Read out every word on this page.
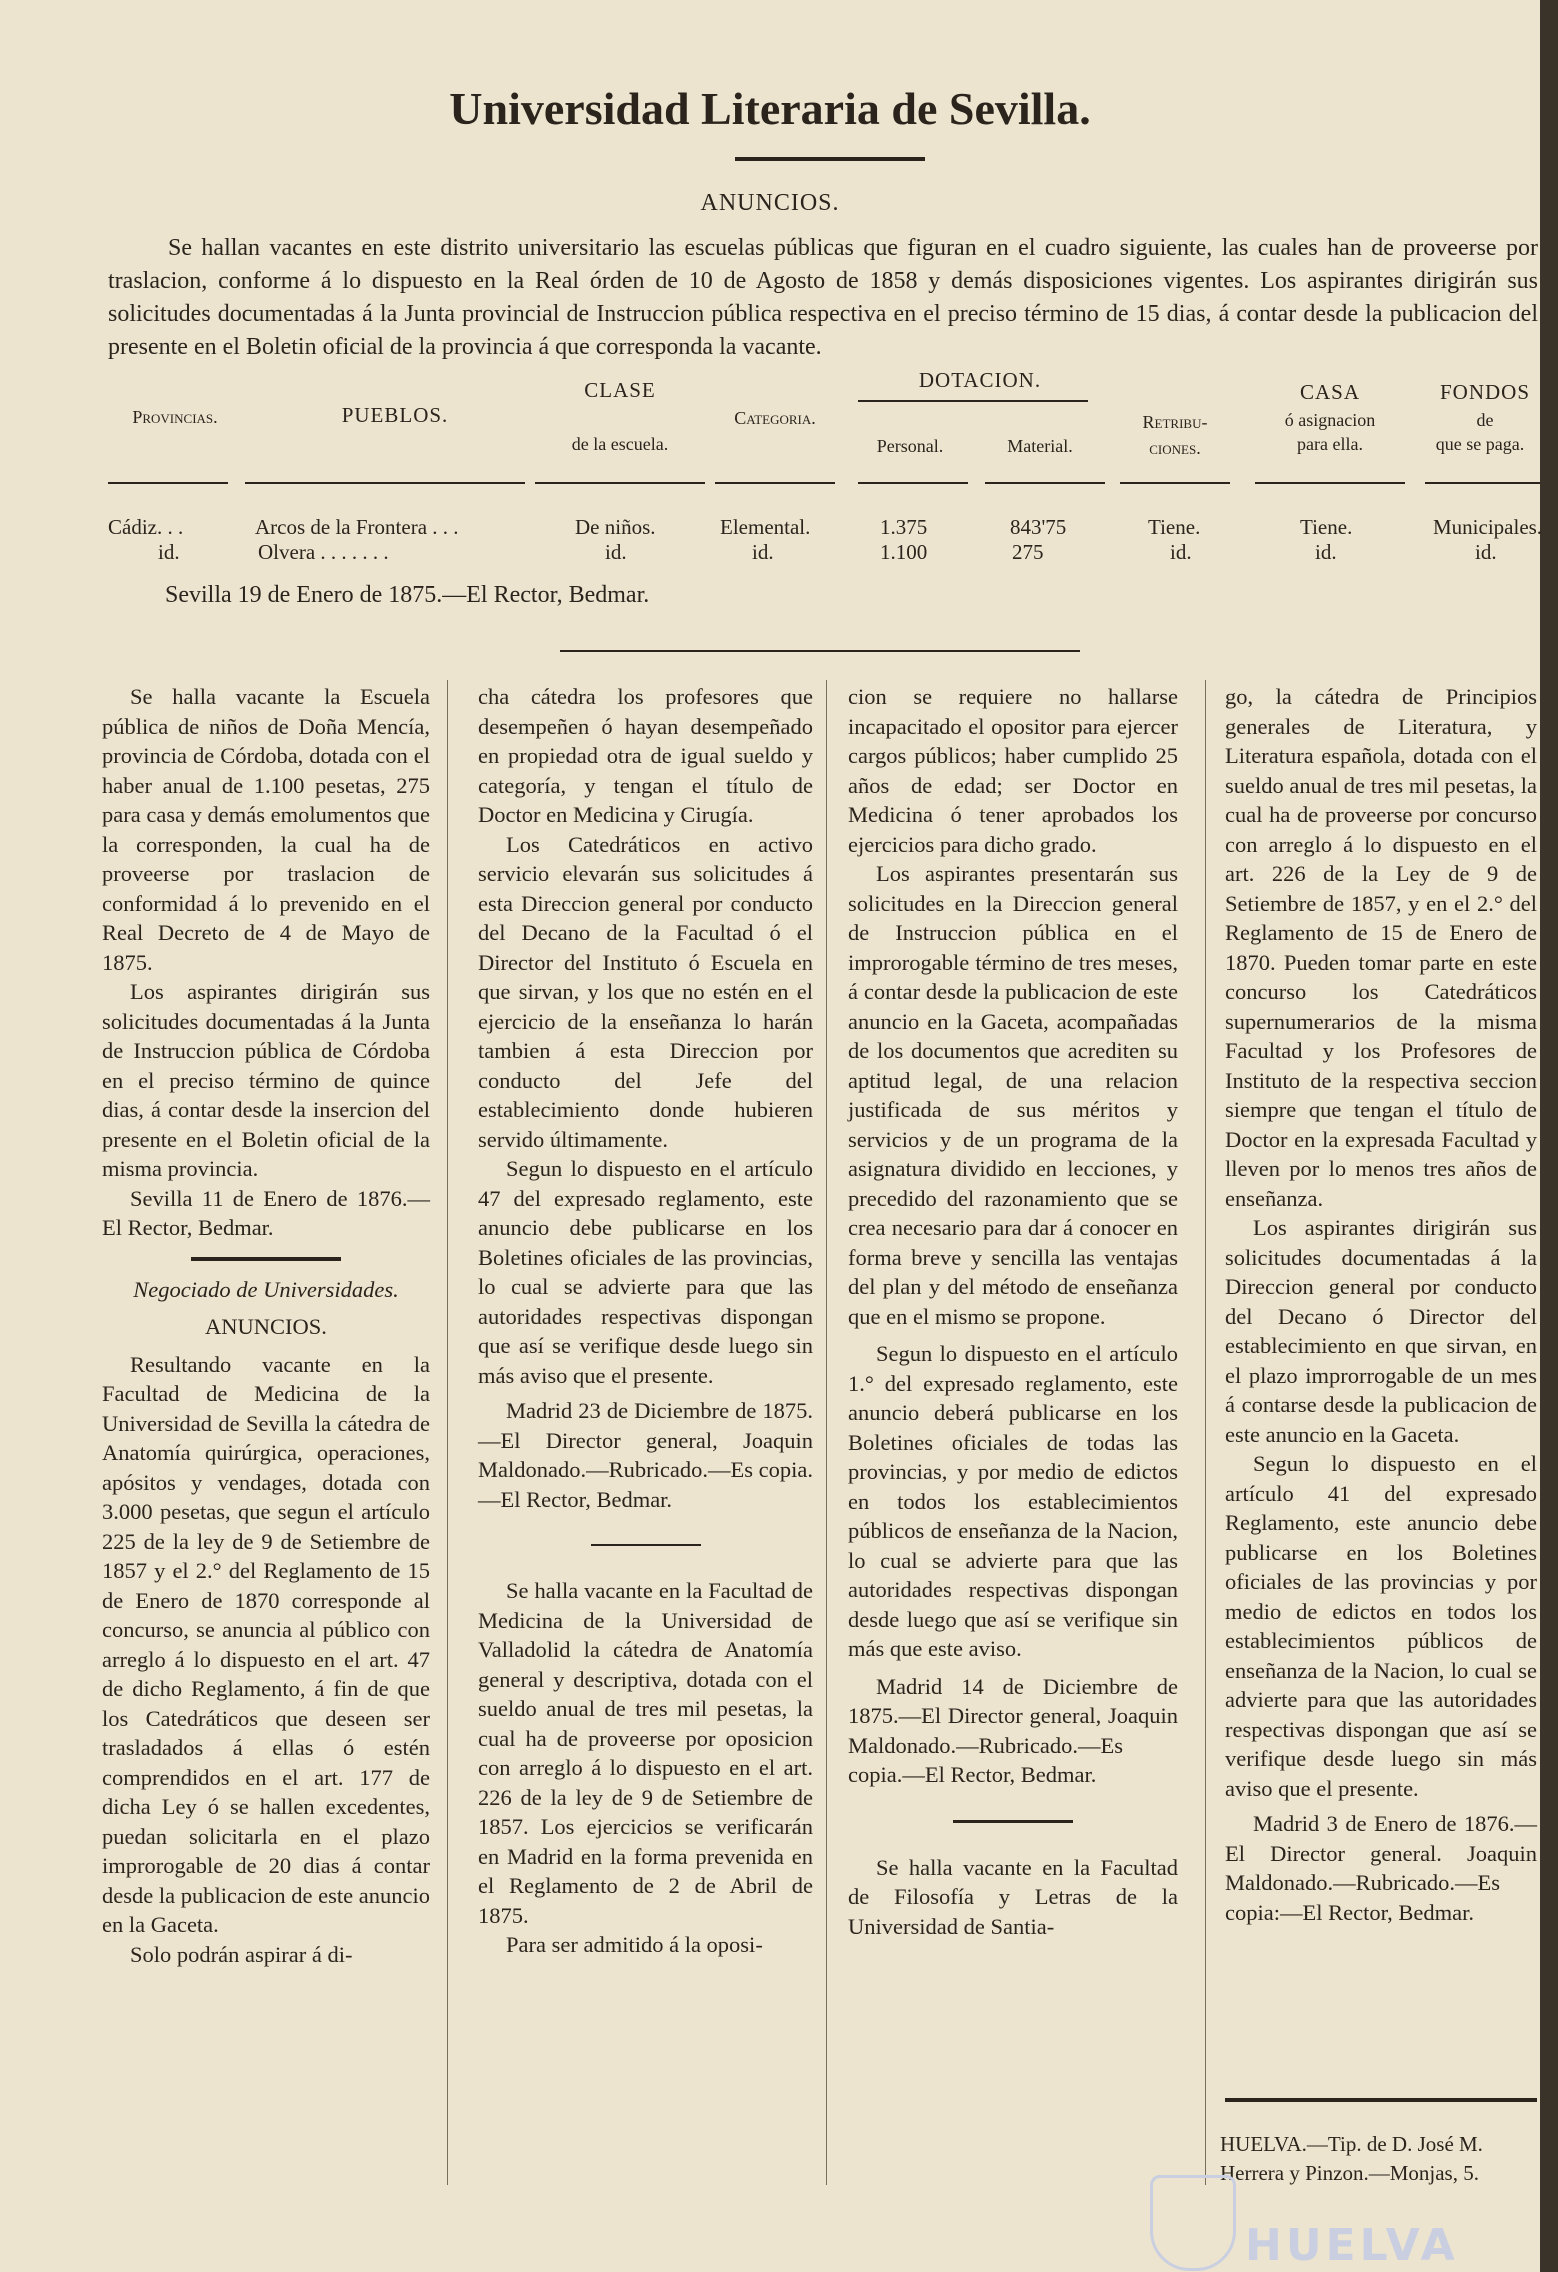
Universidad Literaria de Sevilla.
ANUNCIOS.
Se hallan vacantes en este distrito universitario las escuelas públicas que figuran en el cuadro siguiente, las cuales han de proveerse por traslacion, conforme á lo dispuesto en la Real órden de 10 de Agosto de 1858 y demás disposiciones vigentes. Los aspirantes dirigirán sus solicitudes documentadas á la Junta provincial de Instruccion pública respectiva en el preciso término de 15 dias, á contar desde la publicacion del presente en el Boletin oficial de la provincia á que corresponda la vacante.
Provincias.	PUEBLOS.
CLASE
de la escuela.
Categoria.
DOTACION.
Personal.	Material.
Retribu-
ciones.
CASA
ó asignacion
para ella.
FONDOS
de
que se paga.
Cádiz. . .	Arcos de la Frontera . . .	De niños.	Elemental.	1.375	843'75	Tiene.	Tiene.	Municipales.
id.	Olvera . . . . . . .	id.	id.	1.100	275	id.	id.	id.
Sevilla 19 de Enero de 1875.—El Rector, Bedmar.

Se halla vacante la Escuela pública de niños de Doña Mencía, provincia de Córdoba, dotada con el haber anual de 1.100 pesetas, 275 para casa y demás emolumentos que la corresponden, la cual ha de proveerse por traslacion de conformidad á lo prevenido en el Real Decreto de 4 de Mayo de 1875.

Los aspirantes dirigirán sus solicitudes documentadas á la Junta de Instruccion pública de Córdoba en el preciso término de quince dias, á contar desde la insercion del presente en el Boletin oficial de la misma provincia.

Sevilla 11 de Enero de 1876.—El Rector, Bedmar.

Negociado de Universidades.

ANUNCIOS.

Resultando vacante en la Facultad de Medicina de la Universidad de Sevilla la cátedra de Anatomía quirúrgica, operaciones, apósitos y vendages, dotada con 3.000 pesetas, que segun el artículo 225 de la ley de 9 de Setiembre de 1857 y el 2.° del Reglamento de 15 de Enero de 1870 corresponde al concurso, se anuncia al público con arreglo á lo dispuesto en el art. 47 de dicho Reglamento, á fin de que los Catedráticos que deseen ser trasladados á ellas ó estén comprendidos en el art. 177 de dicha Ley ó se hallen excedentes, puedan solicitarla en el plazo improrogable de 20 dias á contar desde la publicacion de este anuncio en la Gaceta.

Solo podrán aspirar á di-

cha cátedra los profesores que desempeñen ó hayan desempeñado en propiedad otra de igual sueldo y categoría, y tengan el título de Doctor en Medicina y Cirugía.

Los Catedráticos en activo servicio elevarán sus solicitudes á esta Direccion general por conducto del Decano de la Facultad ó el Director del Instituto ó Escuela en que sirvan, y los que no estén en el ejercicio de la enseñanza lo harán tambien á esta Direccion por conducto del Jefe del establecimiento donde hubieren servido últimamente.

Segun lo dispuesto en el artículo 47 del expresado reglamento, este anuncio debe publicarse en los Boletines oficiales de las provincias, lo cual se advierte para que las autoridades respectivas dispongan que así se verifique desde luego sin más aviso que el presente.

Madrid 23 de Diciembre de 1875.—El Director general, Joaquin Maldonado.—Rubricado.—Es copia.—El Rector, Bedmar.

Se halla vacante en la Facultad de Medicina de la Universidad de Valladolid la cátedra de Anatomía general y descriptiva, dotada con el sueldo anual de tres mil pesetas, la cual ha de proveerse por oposicion con arreglo á lo dispuesto en el art. 226 de la ley de 9 de Setiembre de 1857. Los ejercicios se verificarán en Madrid en la forma prevenida en el Reglamento de 2 de Abril de 1875.

Para ser admitido á la oposi-

cion se requiere no hallarse incapacitado el opositor para ejercer cargos públicos; haber cumplido 25 años de edad; ser Doctor en Medicina ó tener aprobados los ejercicios para dicho grado.

Los aspirantes presentarán sus solicitudes en la Direccion general de Instruccion pública en el improrogable término de tres meses, á contar desde la publicacion de este anuncio en la Gaceta, acompañadas de los documentos que acrediten su aptitud legal, de una relacion justificada de sus méritos y servicios y de un programa de la asignatura dividido en lecciones, y precedido del razonamiento que se crea necesario para dar á conocer en forma breve y sencilla las ventajas del plan y del método de enseñanza que en el mismo se propone.

Segun lo dispuesto en el artículo 1.° del expresado reglamento, este anuncio deberá publicarse en los Boletines oficiales de todas las provincias, y por medio de edictos en todos los establecimientos públicos de enseñanza de la Nacion, lo cual se advierte para que las autoridades respectivas dispongan desde luego que así se verifique sin más que este aviso.

Madrid 14 de Diciembre de 1875.—El Director general, Joaquin Maldonado.—Rubricado.—Es copia.—El Rector, Bedmar.

Se halla vacante en la Facultad de Filosofía y Letras de la Universidad de Santia-

go, la cátedra de Principios generales de Literatura, y Literatura española, dotada con el sueldo anual de tres mil pesetas, la cual ha de proveerse por concurso con arreglo á lo dispuesto en el art. 226 de la Ley de 9 de Setiembre de 1857, y en el 2.° del Reglamento de 15 de Enero de 1870. Pueden tomar parte en este concurso los Catedráticos supernumerarios de la misma Facultad y los Profesores de Instituto de la respectiva seccion siempre que tengan el título de Doctor en la expresada Facultad y lleven por lo menos tres años de enseñanza.

Los aspirantes dirigirán sus solicitudes documentadas á la Direccion general por conducto del Decano ó Director del establecimiento en que sirvan, en el plazo improrrogable de un mes á contarse desde la publicacion de este anuncio en la Gaceta.

Segun lo dispuesto en el artículo 41 del expresado Reglamento, este anuncio debe publicarse en los Boletines oficiales de las provincias y por medio de edictos en todos los establecimientos públicos de enseñanza de la Nacion, lo cual se advierte para que las autoridades respectivas dispongan que así se verifique desde luego sin más aviso que el presente.

Madrid 3 de Enero de 1876.—El Director general. Joaquin Maldonado.—Rubricado.—Es copia:—El Rector, Bedmar.

HUELVA.—Tip. de D. José M. Herrera y Pinzon.—Monjas, 5.
HUELVA
